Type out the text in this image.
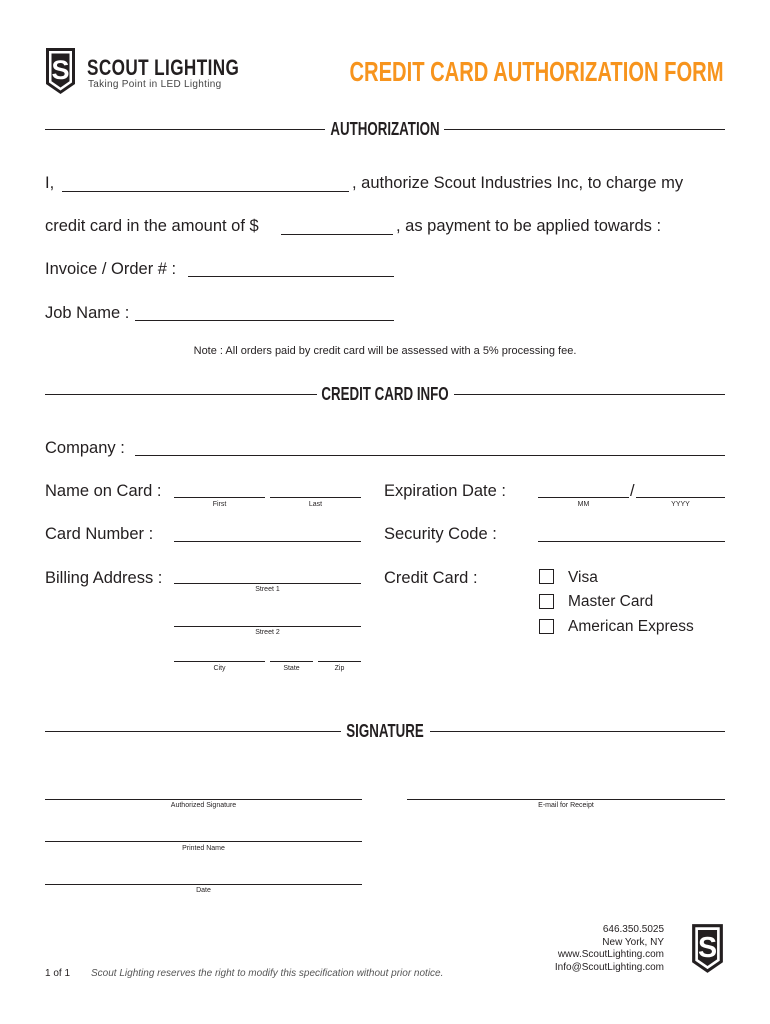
S SCOUT LIGHTING
Taking Point in LED Lighting	CREDIT CARD AUTHORIZATION FORM
AUTHORIZATION
I,	, authorize Scout Industries Inc, to charge my
credit card in the amount of $	, as payment to be applied towards :
Invoice / Order # :
Job Name :
Note : All orders paid by credit card will be assessed with a 5% processing fee.
CREDIT CARD INFO
Company :
Name on Card :
First	Last
Expiration Date :	/
MM	YYYY
Card Number :	Security Code :
Billing Address :
Street 1
Street 2
City	State	Zip
Credit Card :	Visa
Master Card
American Express
SIGNATURE
Authorized Signature	E-mail for Receipt
Printed Name
Date
646.350.5025
New York, NY
www.ScoutLighting.com
Info@ScoutLighting.com
S
1 of 1 Scout Lighting reserves the right to modify this specification without prior notice.
